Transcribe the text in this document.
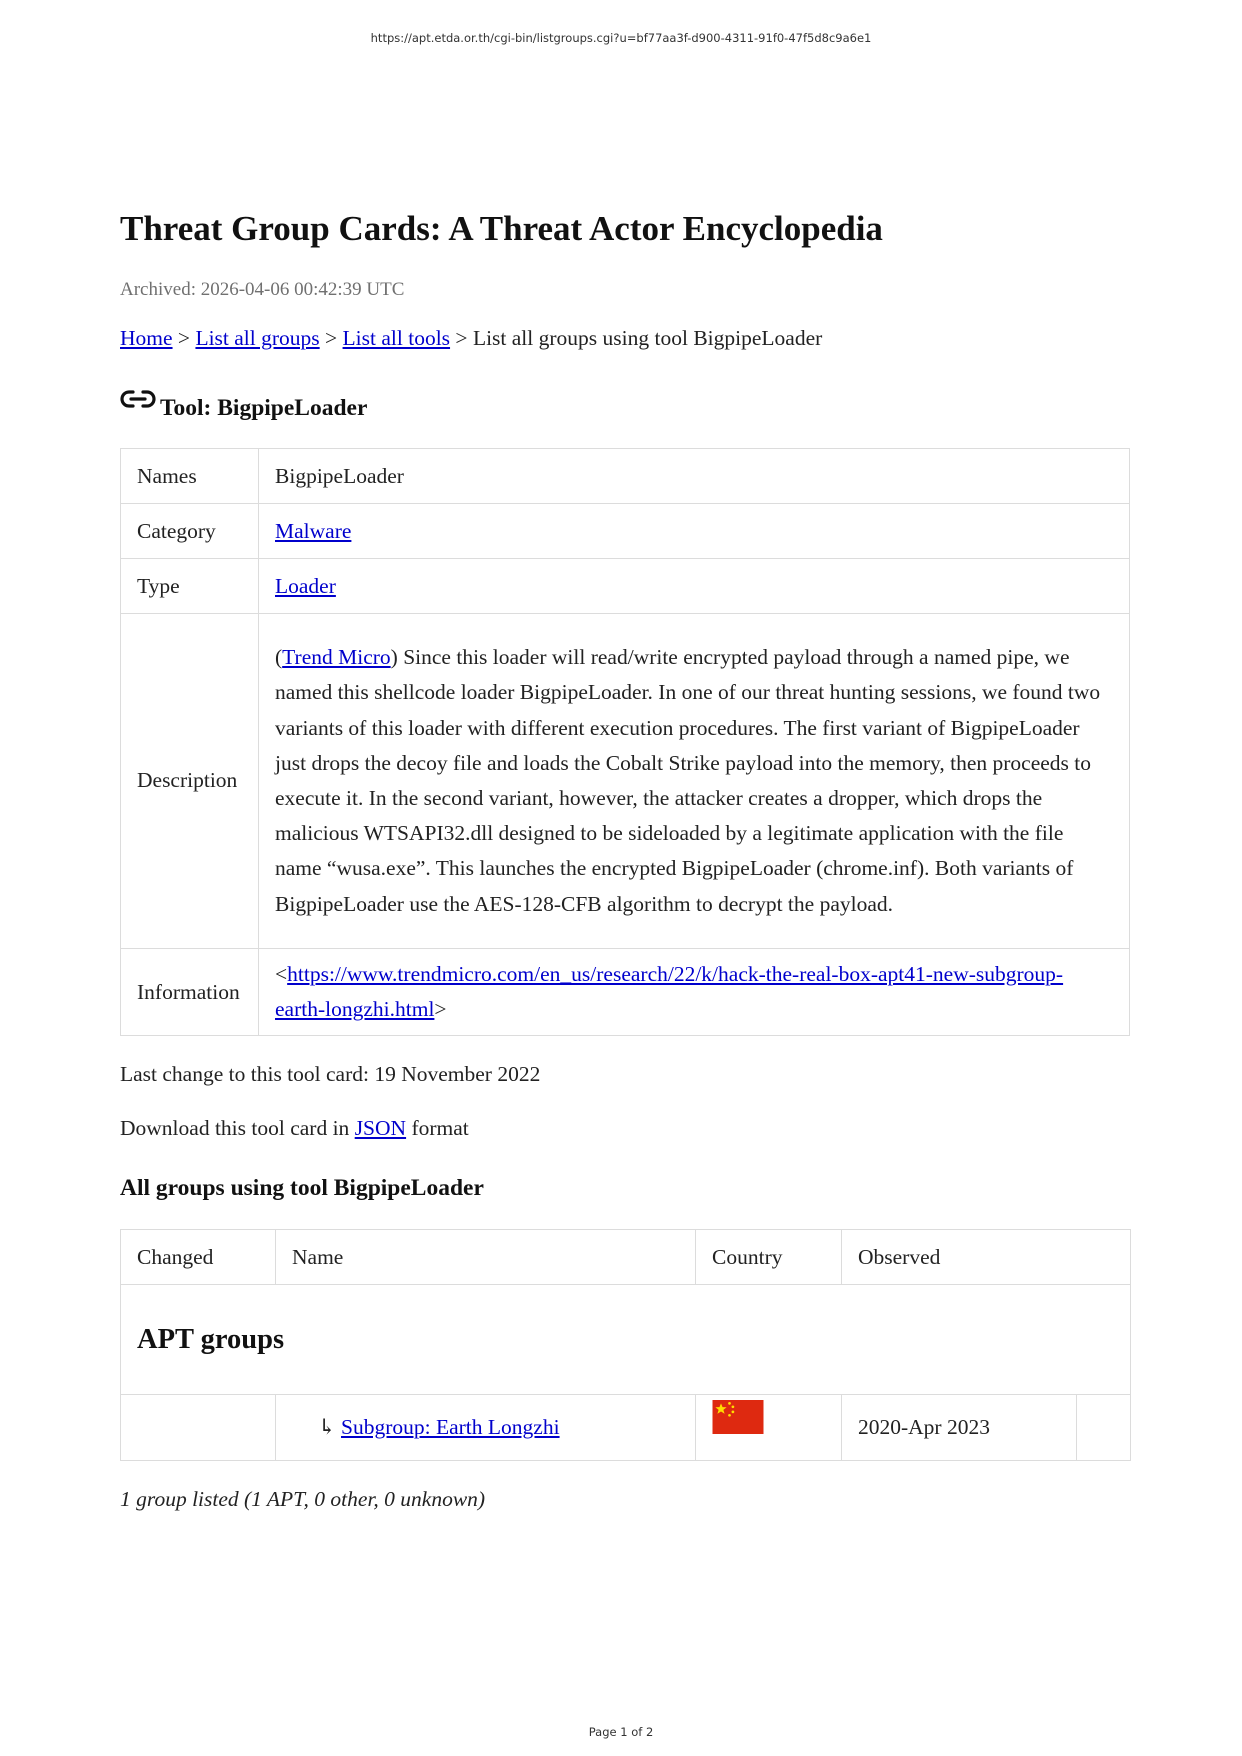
https://apt.etda.or.th/cgi-bin/listgroups.cgi?u=bf77aa3f-d900-4311-91f0-47f5d8c9a6e1
Threat Group Cards: A Threat Actor Encyclopedia
Archived: 2026-04-06 00:42:39 UTC
Home > List all groups > List all tools > List all groups using tool BigpipeLoader
Tool: BigpipeLoader
Names	BigpipeLoader
Category	Malware
Type	Loader
Description	(Trend Micro) Since this loader will read/write encrypted payload through a named pipe, we named this shellcode loader BigpipeLoader. In one of our threat hunting sessions, we found two variants of this loader with different execution procedures. The first variant of BigpipeLoader just drops the decoy file and loads the Cobalt Strike payload into the memory, then proceeds to execute it. In the second variant, however, the attacker creates a dropper, which drops the malicious WTSAPI32.dll designed to be sideloaded by a legitimate application with the file name “wusa.exe”. This launches the encrypted BigpipeLoader (chrome.inf). Both variants of BigpipeLoader use the AES-128-CFB algorithm to decrypt the payload.
Information	<https://www.trendmicro.com/en_us/research/22/k/hack-the-real-box-apt41-new-subgroup-
earth-longzhi.html>
Last change to this tool card: 19 November 2022
Download this tool card in JSON format
All groups using tool BigpipeLoader
Changed	Name	Country	Observed	
APT groups				
	↳ Subgroup: Earth Longzhi		2020-Apr 2023	
1 group listed (1 APT, 0 other, 0 unknown)
Page 1 of 2
